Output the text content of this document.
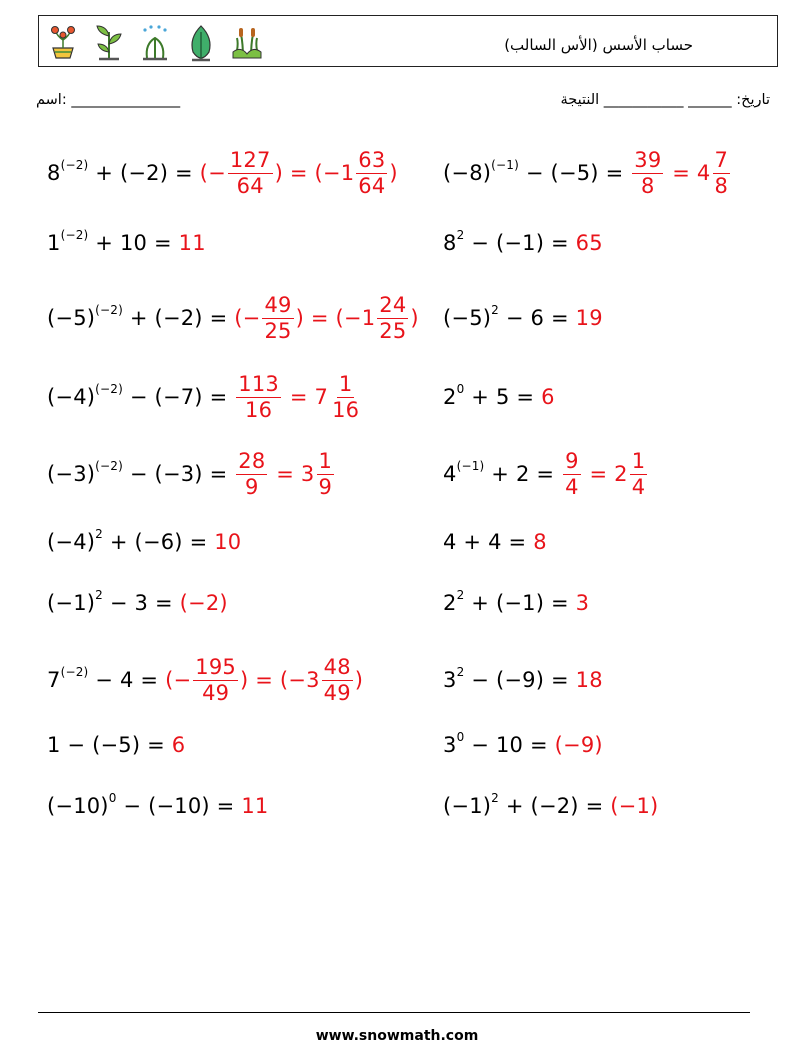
حساب الأسس (الأس السالب)
اسم: _______________	تاريخ: ______ ___________ النتيجة
$8^{(-2)} + (-2)$ = (− $\frac{127}{64}$ ) = ($-1 \frac{63}{64}$ )
$1^{(-2)} + 10 = 11$
$(-5)^{(-2)} + (-2)$ = (− $\frac{49}{25}$ ) = ($-1 \frac{24}{25}$ )
$(-4)^{(-2)} - (-7) = \frac{113}{16} = 7 \frac{1}{16}$
$(-3)^{(-2)} - (-3) = \frac{28}{9} = 3 \frac{1}{9}$
$(-4)^2 + (-6) = 10$
$(-1)^2 - 3 = (-2)$
$7^{(-2)} - 4$ = (− $\frac{195}{49}$ ) = ($-3 \frac{48}{49}$ )
1 − (−5) = 6
$(-10)^0 - (-10) = 11$
$(-8)^{(-1)} - (-5) = \frac{39}{8} = 4 \frac{7}{8}$
$8^2 - (-1) = 65$
$(-5)^2 - 6 = 19$
$2^0 + 5 = 6$
$4^{(-1)} + 2 = \frac{9}{4} = 2 \frac{1}{4}$
4 + 4 = 8
$2^2 + (-1) = 3$
$3^2 - (-9) = 18$
$3^0 - 10 = (-9)$
$(-1)^2 + (-2) = (-1)$
www.snowmath.com
